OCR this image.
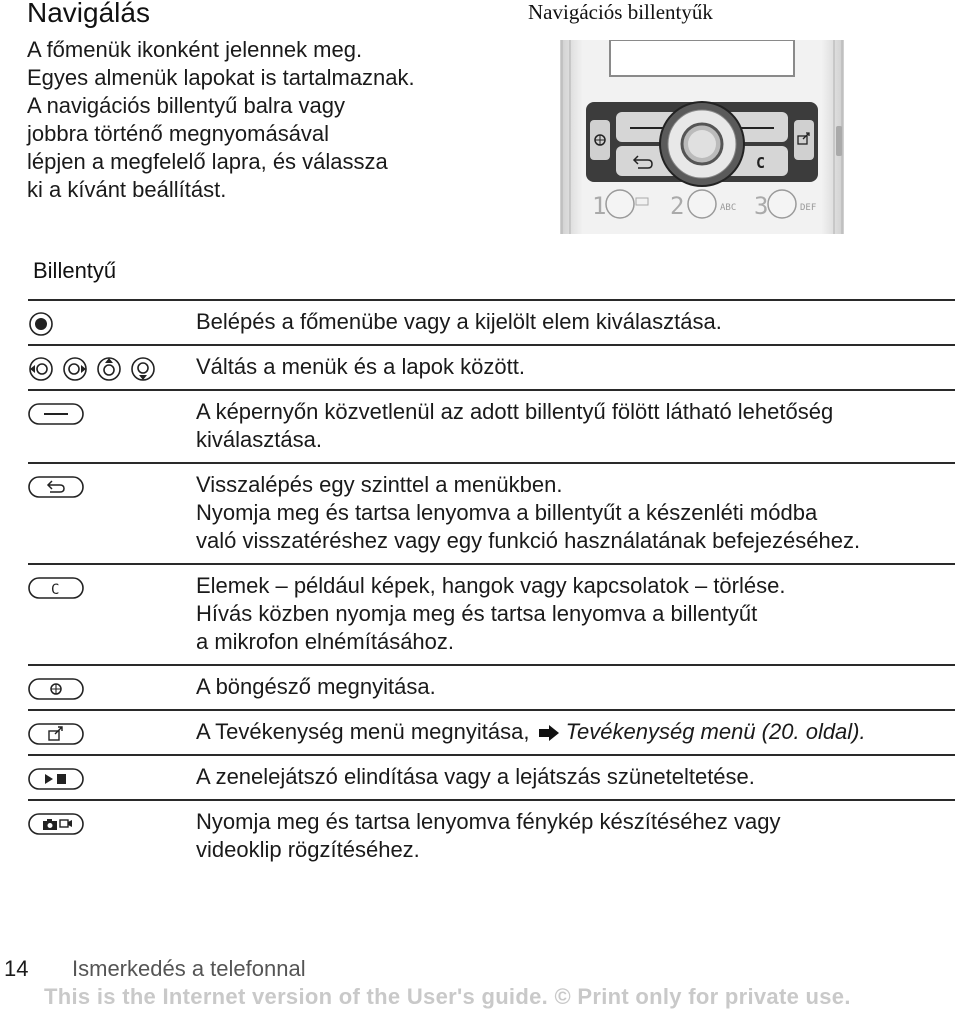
Navigálás
A főmenük ikonként jelennek meg.
Egyes almenük lapokat is tartalmaznak.
A navigációs billentyű balra vagy
jobbra történő megnyomásával
lépjen a megfelelő lapra, és válassza
ki a kívánt beállítást.
Navigációs billentyűk
C
1	2	ABC 3	DEF
Billentyű
Belépés a főmenübe vagy a kijelölt elem kiválasztása.
Váltás a menük és a lapok között.
A képernyőn közvetlenül az adott billentyű fölött látható lehetőség
kiválasztása.
Visszalépés egy szinttel a menükben.
Nyomja meg és tartsa lenyomva a billentyűt a készenléti módba
való visszatéréshez vagy egy funkció használatának befejezéséhez.
C	Elemek – például képek, hangok vagy kapcsolatok – törlése.
Hívás közben nyomja meg és tartsa lenyomva a billentyűt
a mikrofon elnémításához.
A böngésző megnyitása.
A Tevékenység menü megnyitása, Tevékenység menü (20. oldal).
A zenelejátszó elindítása vagy a lejátszás szüneteltetése.
Nyomja meg és tartsa lenyomva fénykép készítéséhez vagy
videoklip rögzítéséhez.
14 Ismerkedés a telefonnal
This is the Internet version of the User's guide. © Print only for private use.
